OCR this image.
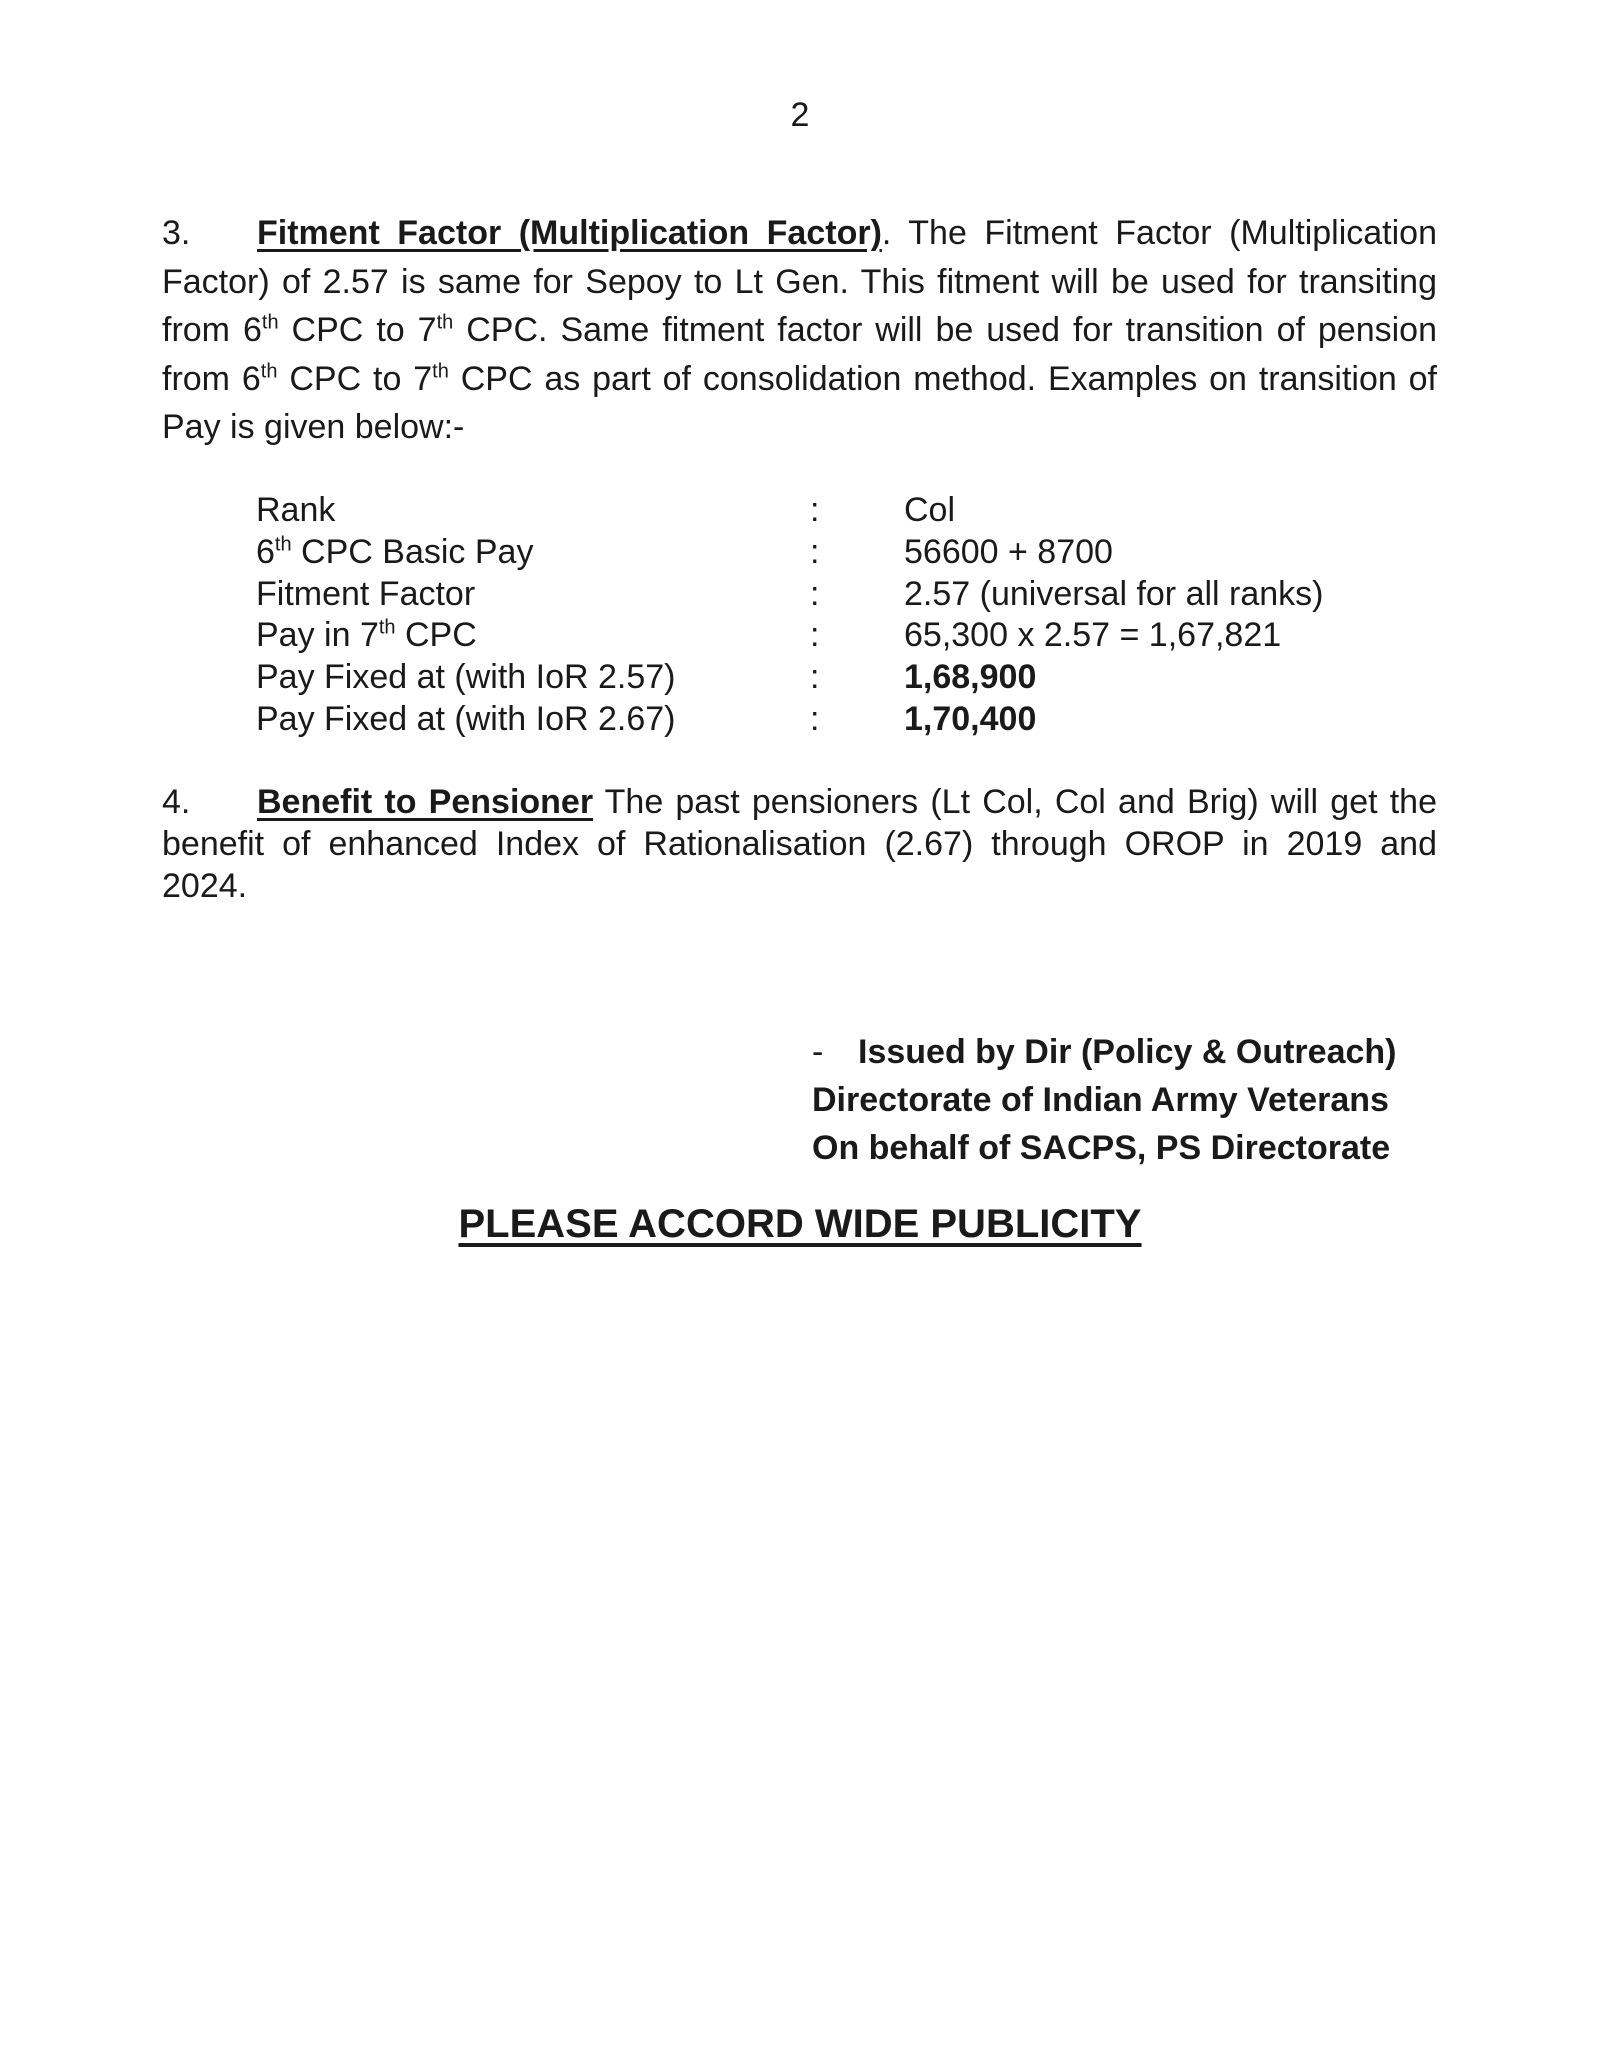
2
3. Fitment Factor (Multiplication Factor). The Fitment Factor (Multiplication Factor) of 2.57 is same for Sepoy to Lt Gen. This fitment will be used for transiting from 6th CPC to 7th CPC. Same fitment factor will be used for transition of pension from 6th CPC to 7th CPC as part of consolidation method. Examples on transition of Pay is given below:-
Rank	: Col
6th CPC Basic Pay	: 56600 + 8700
Fitment Factor	: 2.57 (universal for all ranks)
Pay in 7th CPC	: 65,300 x 2.57 = 1,67,821
Pay Fixed at (with IoR 2.57)	: 1,68,900
Pay Fixed at (with IoR 2.67)	: 1,70,400
4. Benefit to Pensioner The past pensioners (Lt Col, Col and Brig) will get the benefit of enhanced Index of Rationalisation (2.67) through OROP in 2019 and 2024.
- Issued by Dir (Policy & Outreach)
Directorate of Indian Army Veterans
On behalf of SACPS, PS Directorate
PLEASE ACCORD WIDE PUBLICITY
